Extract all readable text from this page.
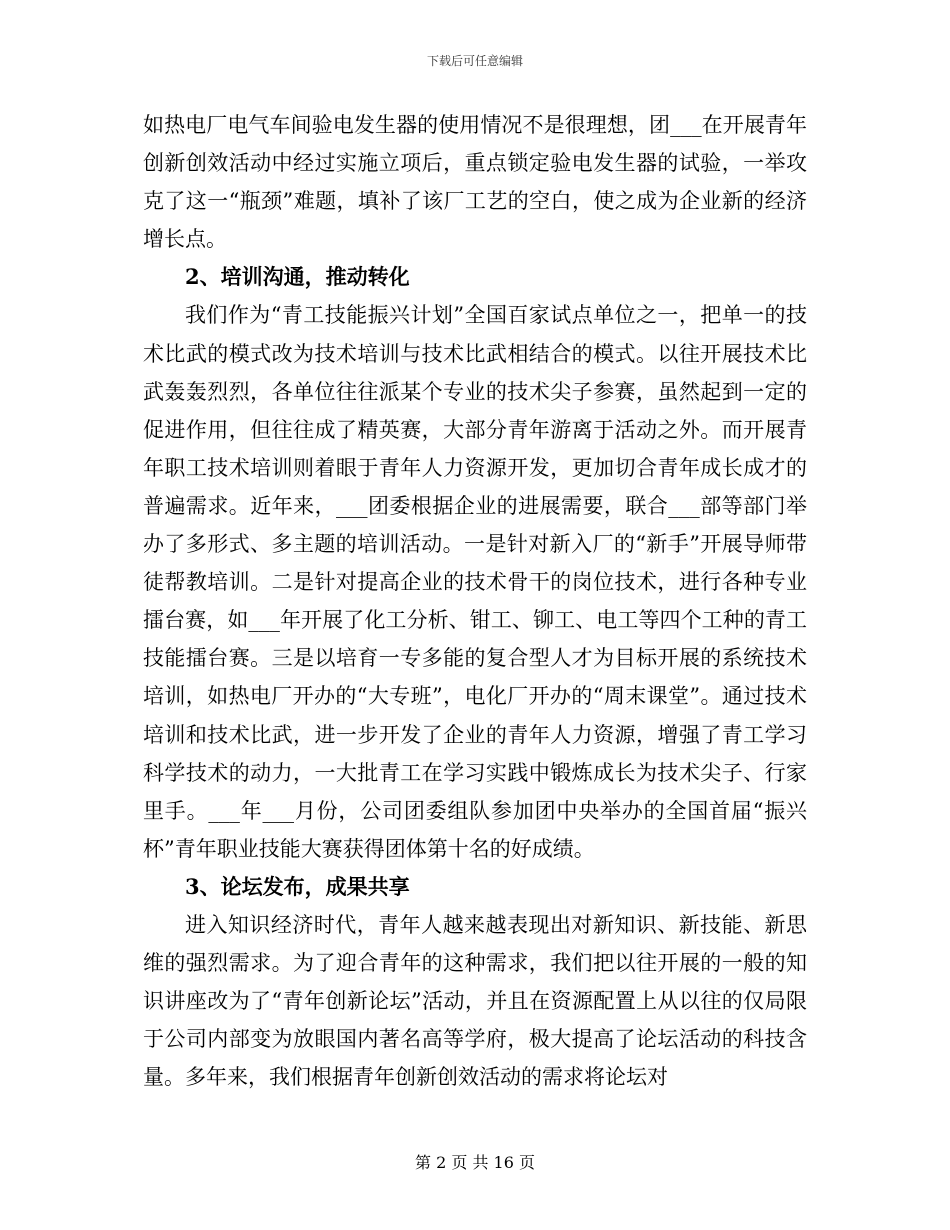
下载后可任意编辑

如热电厂电气车间验电发生器的使用情况不是很理想，团___在开展青年创新创效活动中经过实施立项后，重点锁定验电发生器的试验，一举攻克了这一“瓶颈”难题，填补了该厂工艺的空白，使之成为企业新的经济增长点。

2、培训沟通，推动转化

我们作为“青工技能振兴计划”全国百家试点单位之一，把单一的技术比武的模式改为技术培训与技术比武相结合的模式。以往开展技术比武轰轰烈烈，各单位往往派某个专业的技术尖子参赛，虽然起到一定的促进作用，但往往成了精英赛，大部分青年游离于活动之外。而开展青年职工技术培训则着眼于青年人力资源开发，更加切合青年成长成才的普遍需求。近年来，___团委根据企业的进展需要，联合___部等部门举办了多形式、多主题的培训活动。一是针对新入厂的“新手”开展导师带徒帮教培训。二是针对提高企业的技术骨干的岗位技术，进行各种专业擂台赛，如___年开展了化工分析、钳工、铆工、电工等四个工种的青工技能擂台赛。三是以培育一专多能的复合型人才为目标开展的系统技术培训，如热电厂开办的“大专班”，电化厂开办的“周末课堂”。通过技术培训和技术比武，进一步开发了企业的青年人力资源，增强了青工学习科学技术的动力，一大批青工在学习实践中锻炼成长为技术尖子、行家里手。___年___月份，公司团委组队参加团中央举办的全国首届“振兴杯”青年职业技能大赛获得团体第十名的好成绩。

3、论坛发布，成果共享

进入知识经济时代，青年人越来越表现出对新知识、新技能、新思维的强烈需求。为了迎合青年的这种需求，我们把以往开展的一般的知识讲座改为了“青年创新论坛”活动，并且在资源配置上从以往的仅局限于公司内部变为放眼国内著名高等学府，极大提高了论坛活动的科技含量。多年来，我们根据青年创新创效活动的需求将论坛对

第 2 页 共 16 页
